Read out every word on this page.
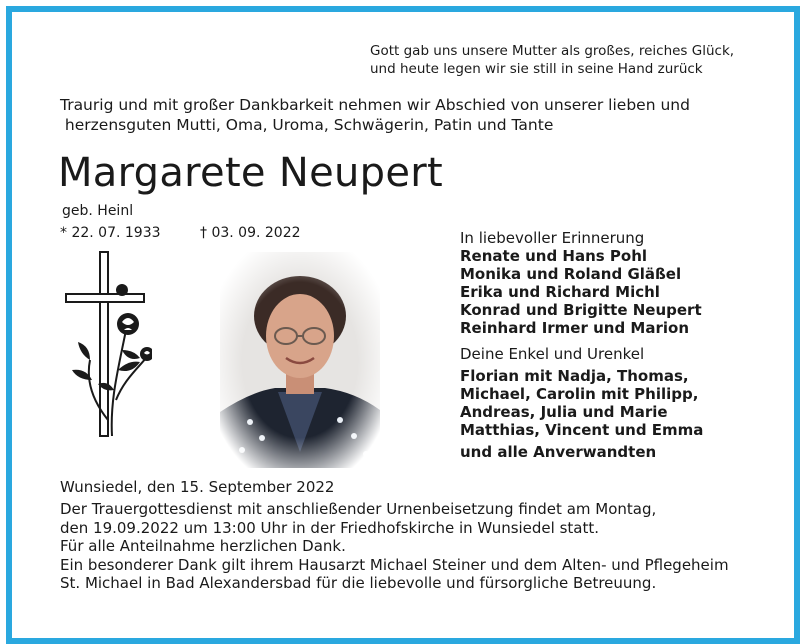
Gott gab uns unsere Mutter als großes, reiches Glück,
und heute legen wir sie still in seine Hand zurück
Traurig und mit großer Dankbarkeit nehmen wir Abschied von unserer lieben und
herzensguten Mutti, Oma, Uroma, Schwägerin, Patin und Tante
Margarete Neupert
geb. Heinl
* 22. 07. 1933	† 03. 09. 2022	In liebevoller Erinnerung
Renate und Hans Pohl
Monika und Roland Gläßel
Erika und Richard Michl
Konrad und Brigitte Neupert
Reinhard Irmer und Marion
Deine Enkel und Urenkel
Florian mit Nadja, Thomas,
Michael, Carolin mit Philipp,
Andreas, Julia und Marie
Matthias, Vincent und Emma
und alle Anverwandten
Wunsiedel, den 15. September 2022
Der Trauergottesdienst mit anschließender Urnenbeisetzung findet am Montag,
den 19.09.2022 um 13:00 Uhr in der Friedhofskirche in Wunsiedel statt.
Für alle Anteilnahme herzlichen Dank.
Ein besonderer Dank gilt ihrem Hausarzt Michael Steiner und dem Alten- und Pflegeheim
St. Michael in Bad Alexandersbad für die liebevolle und fürsorgliche Betreuung.
